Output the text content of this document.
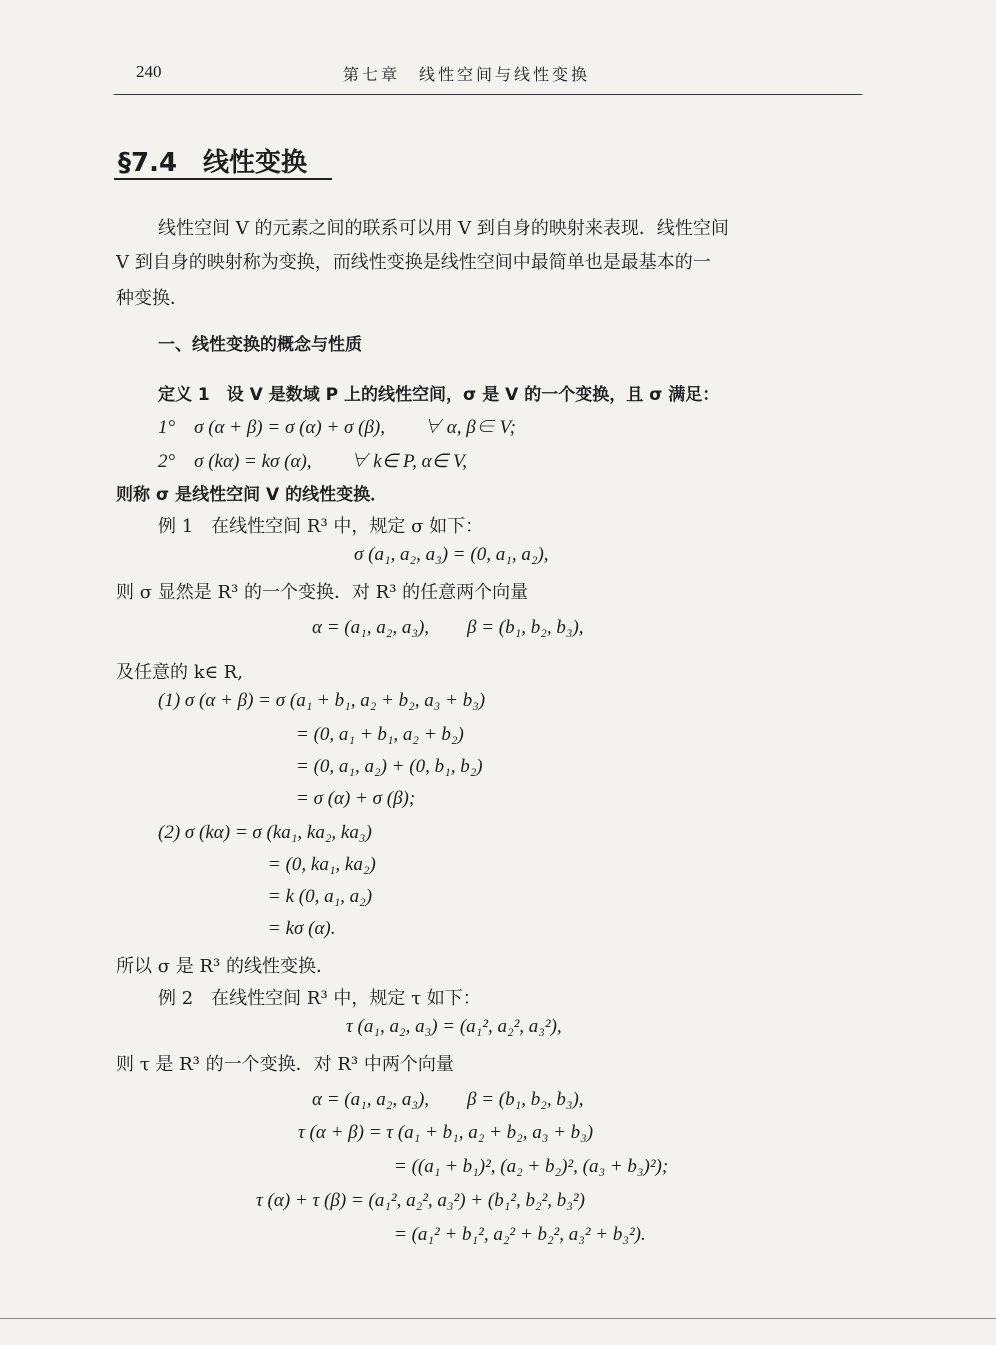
240	第七章　线性空间与线性变换
§7.4　线性变换
线性空间 V 的元素之间的联系可以用 V 到自身的映射来表现．线性空间
V 到自身的映射称为变换，而线性变换是线性空间中最简单也是最基本的一
种变换．
一、线性变换的概念与性质
定义 1　设 V 是数域 P 上的线性空间，σ 是 V 的一个变换，且 σ 满足：
1°　σ (α + β) = σ (α) + σ (β),　　∀ α, β∈ V;
2°　σ (kα) = kσ (α),　　∀ k∈ P, α∈ V,
则称 σ 是线性空间 V 的线性变换．
例 1　在线性空间 R³ 中，规定 σ 如下：
σ (a₁, a₂, a₃) = (0, a₁, a₂),
则 σ 显然是 R³ 的一个变换．对 R³ 的任意两个向量
α = (a₁, a₂, a₃),　　β = (b₁, b₂, b₃),
及任意的 k∈ R,
(1) σ (α + β) = σ (a₁ + b₁, a₂ + b₂, a₃ + b₃)
= (0, a₁ + b₁, a₂ + b₂)
= (0, a₁, a₂) + (0, b₁, b₂)
= σ (α) + σ (β);
(2) σ (kα) = σ (ka₁, ka₂, ka₃)
= (0, ka₁, ka₂)
= k (0, a₁, a₂)
= kσ (α).
所以 σ 是 R³ 的线性变换．
例 2　在线性空间 R³ 中，规定 τ 如下：
τ (a₁, a₂, a₃) = (a₁², a₂², a₃²),
则 τ 是 R³ 的一个变换．对 R³ 中两个向量
α = (a₁, a₂, a₃),　　β = (b₁, b₂, b₃),
τ (α + β) = τ (a₁ + b₁, a₂ + b₂, a₃ + b₃)
= ((a₁ + b₁)², (a₂ + b₂)², (a₃ + b₃)²);
τ (α) + τ (β) = (a₁², a₂², a₃²) + (b₁², b₂², b₃²)
= (a₁² + b₁², a₂² + b₂², a₃² + b₃²).
